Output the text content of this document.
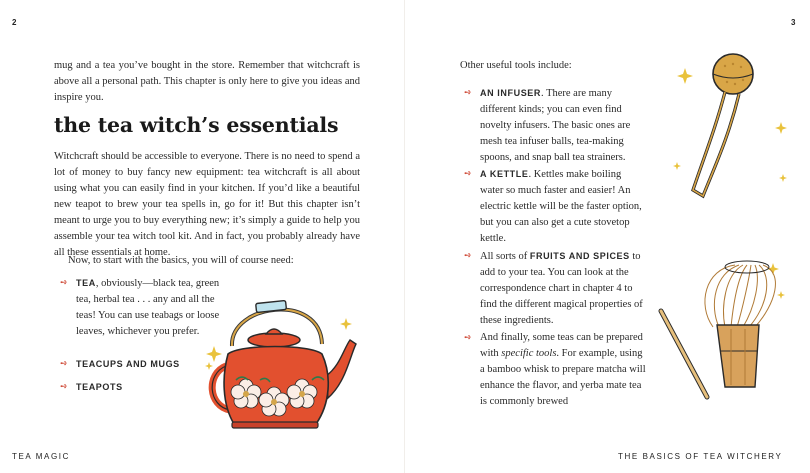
2
mug and a tea you’ve bought in the store. Remember that witchcraft is above all a personal path. This chapter is only here to give you ideas and inspire you.
the tea witch’s essentials
Witchcraft should be accessible to everyone. There is no need to spend a lot of money to buy fancy new equipment: tea witchcraft is all about using what you can easily find in your kitchen. If you’d like a beautiful new teapot to brew your tea spells in, go for it! But this chapter isn’t meant to urge you to buy everything new; it’s simply a guide to help you assemble your tea witch tool kit. And in fact, you probably already have all these essentials at home.
Now, to start with the basics, you will of course need:
➺ TEA, obviously—black tea, green tea, herbal tea . . . any and all the teas! You can use teabags or loose leaves, whichever you prefer.
➺ TEACUPS AND MUGS
➺ TEAPOTS
TEA MAGIC
3
Other useful tools include:
➺ AN INFUSER. There are many different kinds; you can even find novelty infusers. The basic ones are mesh tea infuser balls, tea-making spoons, and snap ball tea strainers.
➺ A KETTLE. Kettles make boiling water so much faster and easier! An electric kettle will be the faster option, but you can also get a cute stovetop kettle.
➺ All sorts of FRUITS AND SPICES to add to your tea. You can look at the correspondence chart in chapter 4 to find the different magical properties of these ingredients.
➺ And finally, some teas can be prepared with specific tools. For example, using a bamboo whisk to prepare matcha will enhance the flavor, and yerba mate tea is commonly brewed
THE BASICS OF TEA WITCHERY
